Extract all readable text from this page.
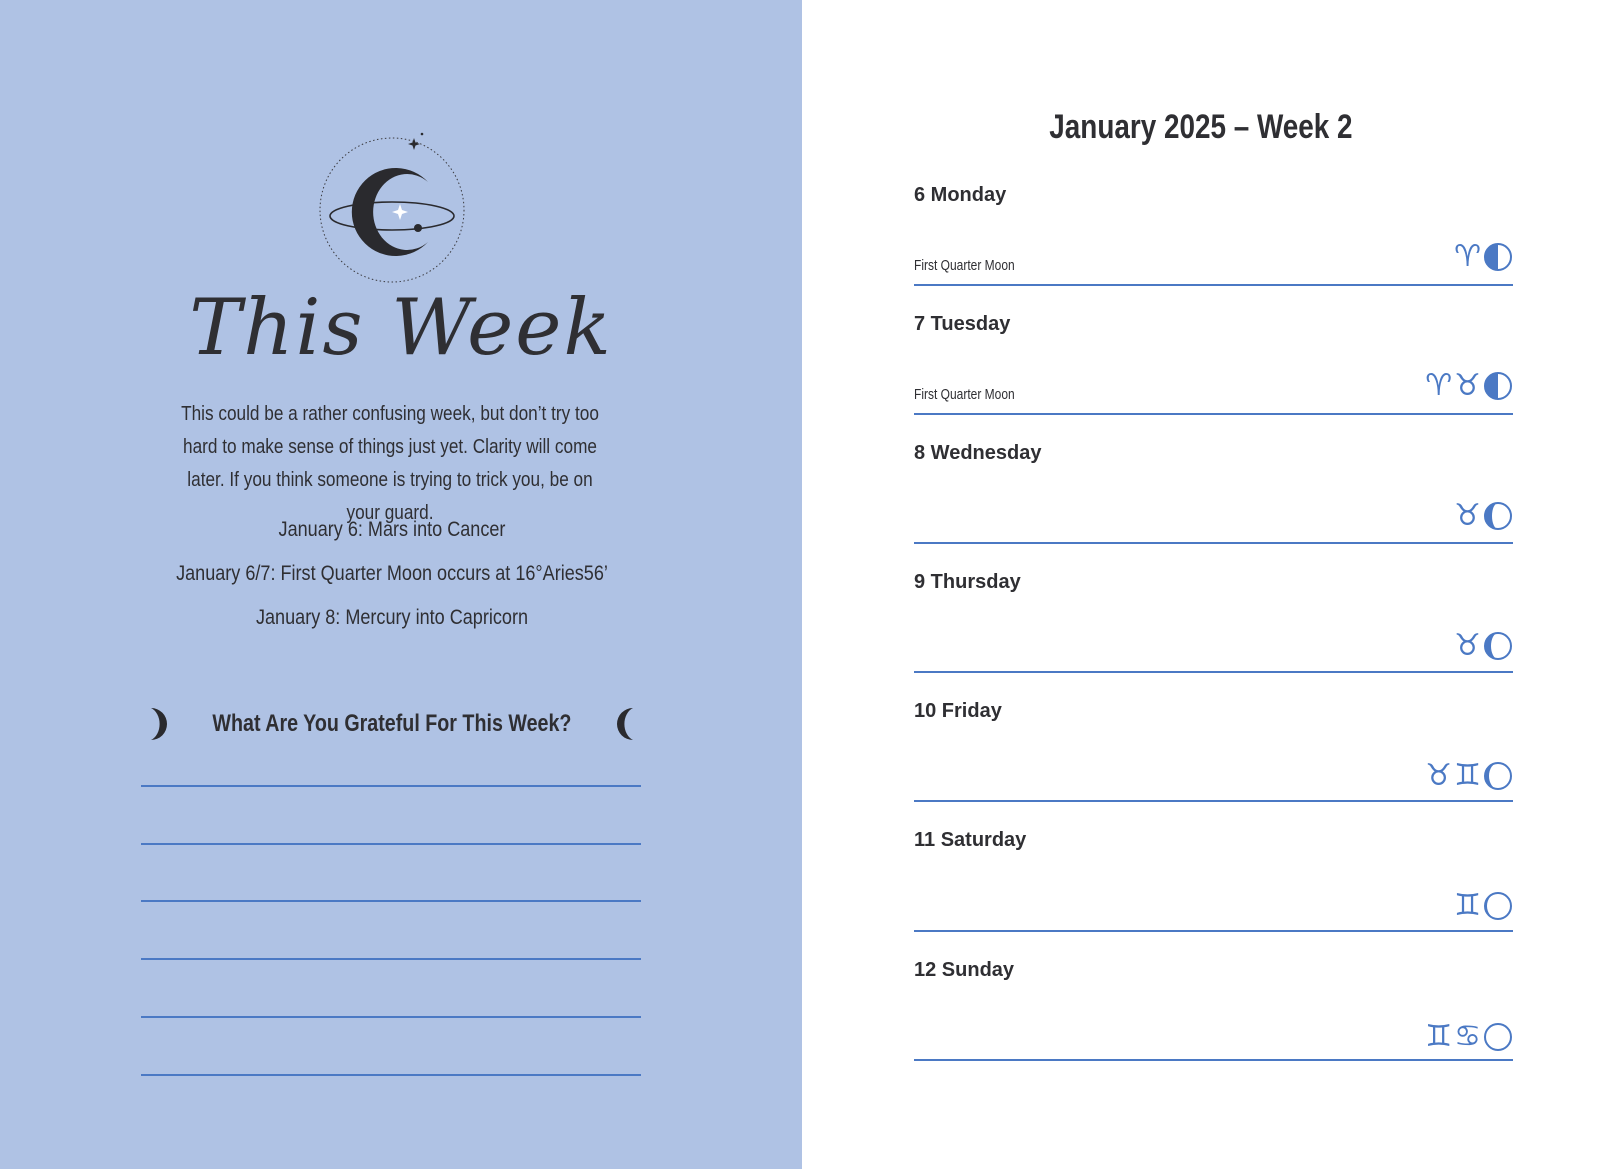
This Week
This could be a rather confusing week, but don’t try too hard to make sense of things just yet. Clarity will come later. If you think someone is trying to trick you, be on your guard.
January 6: Mars into Cancer
January 6/7: First Quarter Moon occurs at 16°Aries56’
January 8: Mercury into Capricorn
What Are You Grateful For This Week?
January 2025 – Week 2
6 Monday
First Quarter Moon	♈
7 Tuesday
First Quarter Moon	♈ ♉
8 Wednesday
♉
9 Thursday
♉
10 Friday
♉ ♊
11 Saturday
♊
12 Sunday
♊ ♋
